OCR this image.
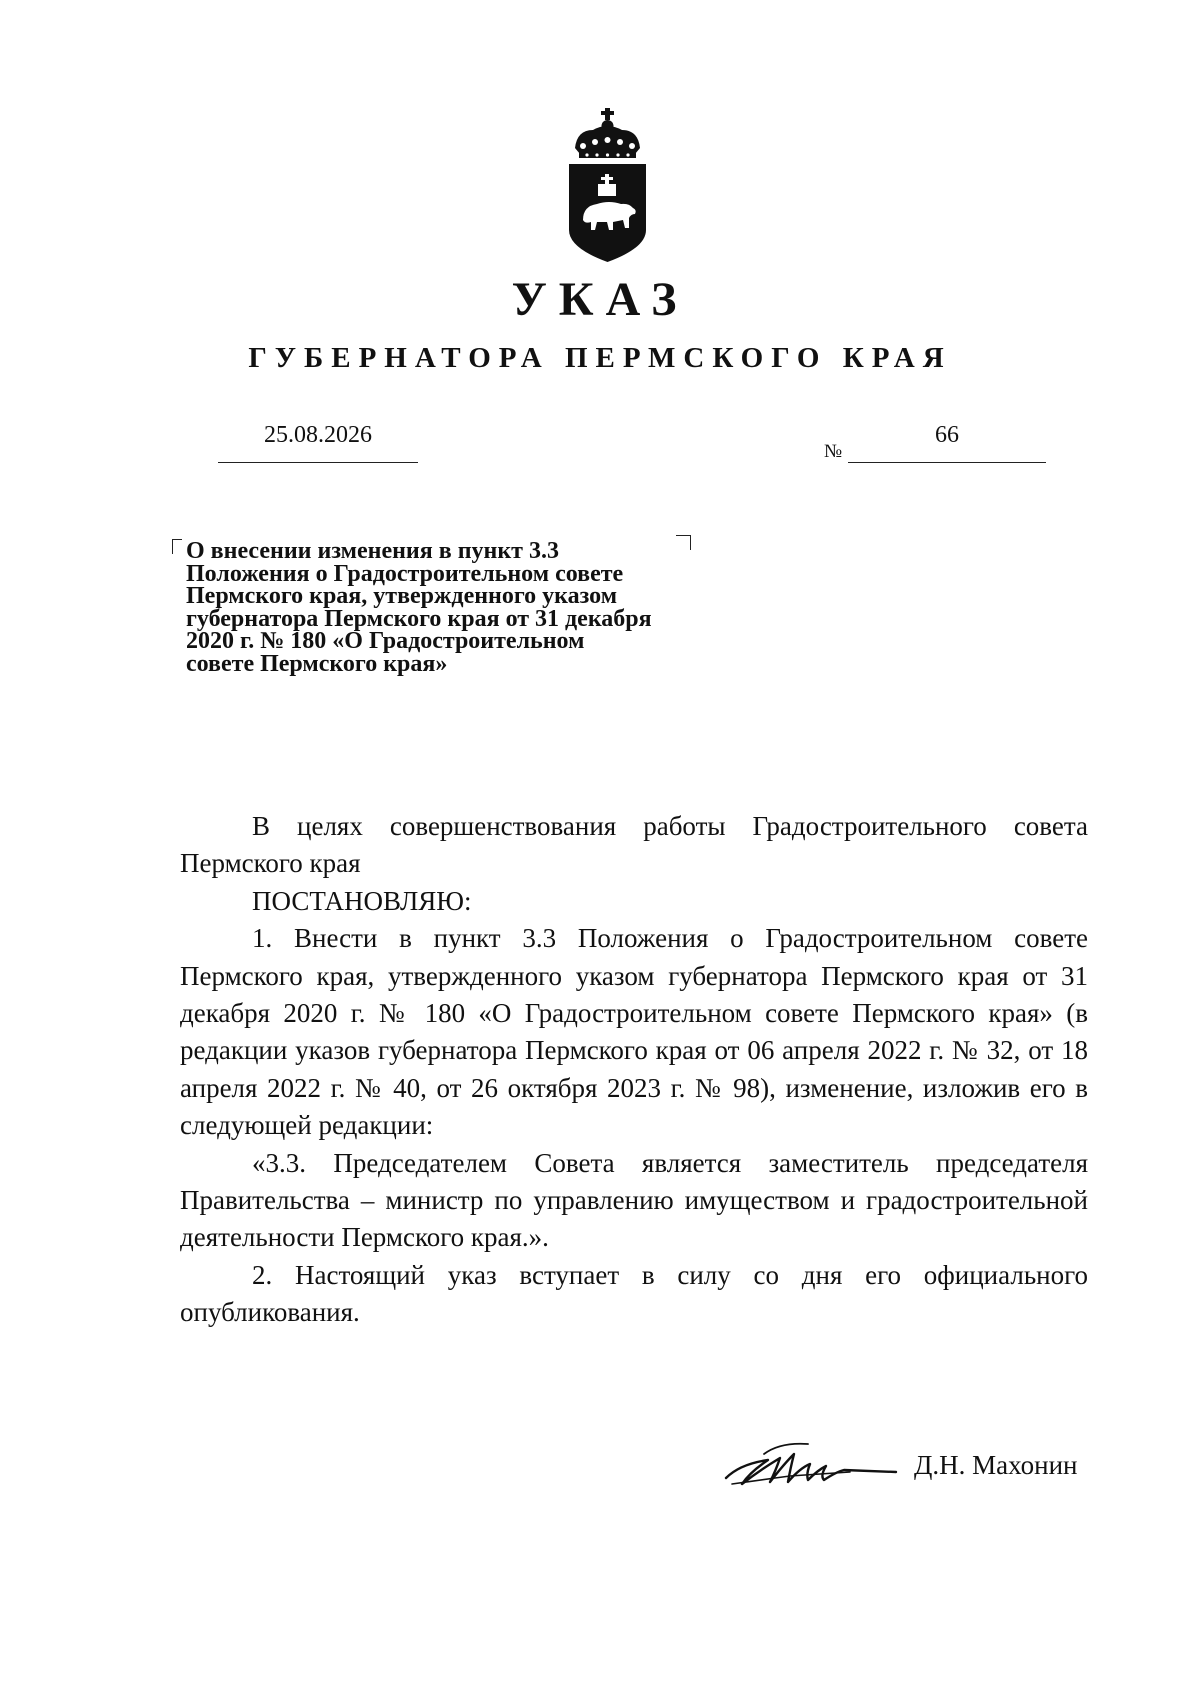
УКАЗ
ГУБЕРНАТОРА ПЕРМСКОГО КРАЯ
25.08.2026
№
66
О внесении изменения в пункт 3.3
Положения о Градостроительном совете
Пермского края, утвержденного указом
губернатора Пермского края от 31 декабря
2020 г. № 180 «О Градостроительном
совете Пермского края»

В целях совершенствования работы Градостроительного совета Пермского края

ПОСТАНОВЛЯЮ:

1. Внести в пункт 3.3 Положения о Градостроительном совете Пермского края, утвержденного указом губернатора Пермского края от 31 декабря 2020 г. № 180 «О Градостроительном совете Пермского края» (в редакции указов губернатора Пермского края от 06 апреля 2022 г. № 32, от 18 апреля 2022 г. № 40, от 26 октября 2023 г. № 98), изменение, изложив его в следующей редакции:

«3.3. Председателем Совета является заместитель председателя Правительства – министр по управлению имуществом и градостроительной деятельности Пермского края.».

2. Настоящий указ вступает в силу со дня его официального опубликования.

Д.Н. Махонин
